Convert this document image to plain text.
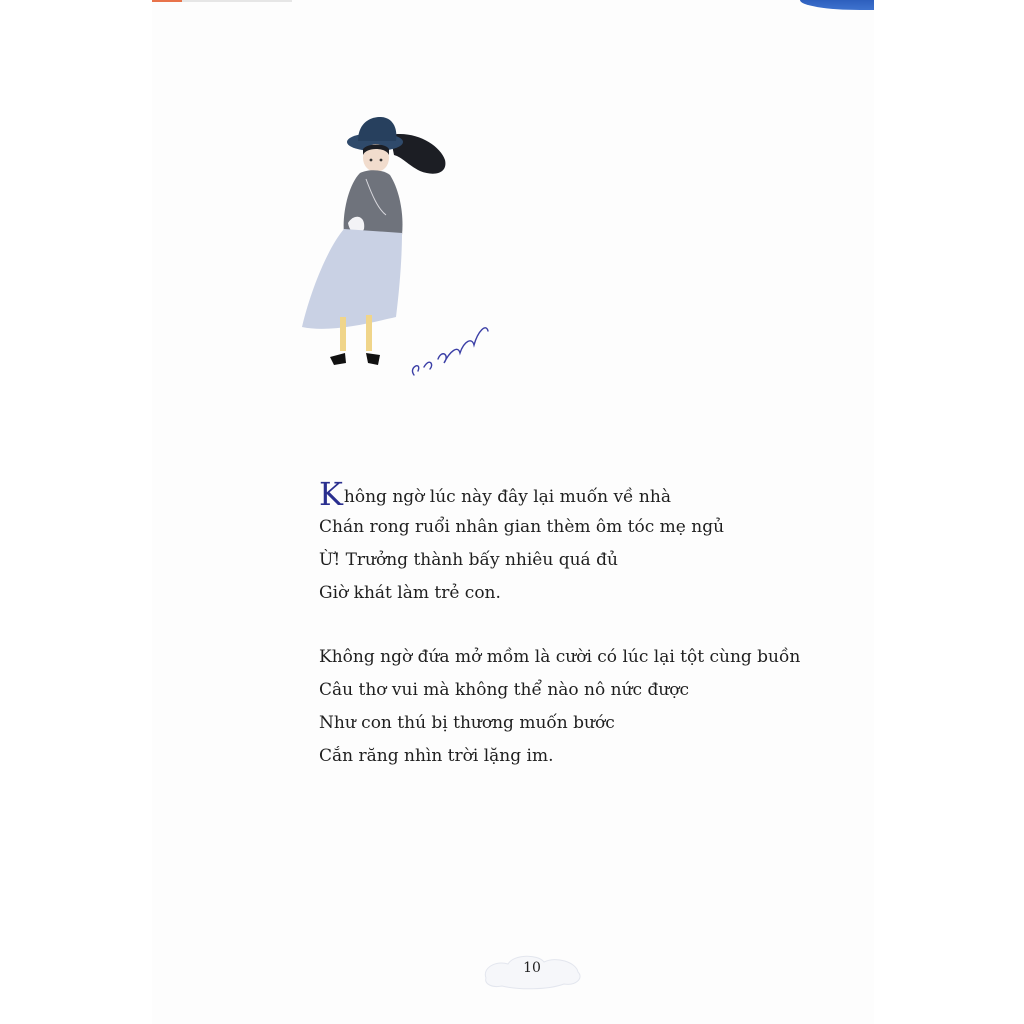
Không ngờ lúc này đây lại muốn về nhà
Chán rong ruổi nhân gian thèm ôm tóc mẹ ngủ
Ừ! Trưởng thành bấy nhiêu quá đủ
Giờ khát làm trẻ con.
Không ngờ đứa mở mồm là cười có lúc lại tột cùng buồn
Câu thơ vui mà không thể nào nô nức được
Như con thú bị thương muốn bước
Cắn răng nhìn trời lặng im.
10
